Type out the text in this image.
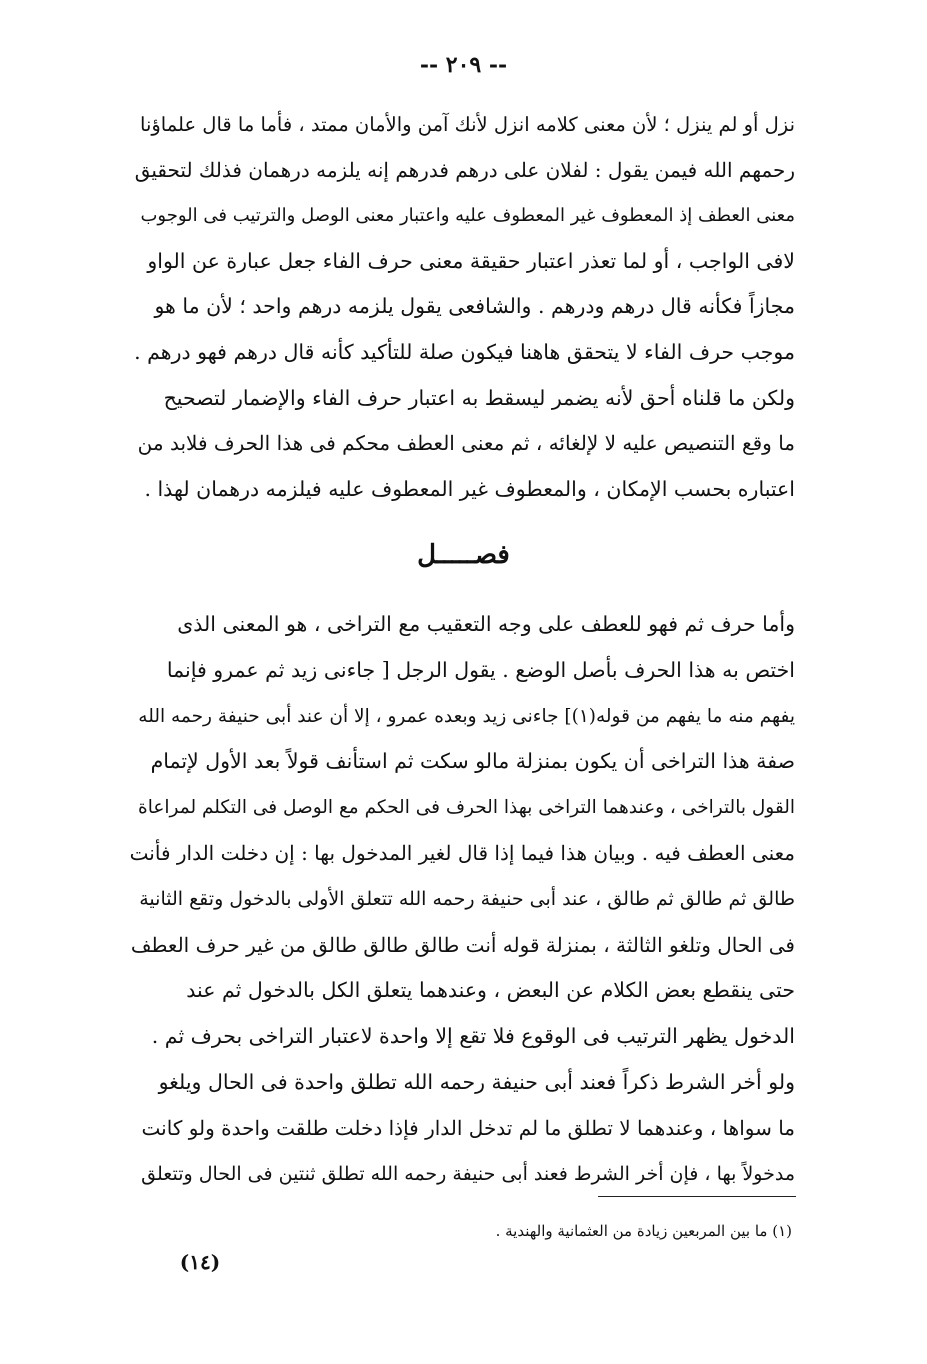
-- ٢٠٩ --
نزل أو لم ينزل ؛ لأن معنى كلامه انزل لأنك آمن والأمان ممتد ، فأما ما قال علماؤنا
رحمهم الله فيمن يقول : لفلان على درهم فدرهم إنه يلزمه درهمان فذلك لتحقيق
معنى العطف إذ المعطوف غير المعطوف عليه واعتبار معنى الوصل والترتيب فى الوجوب
لافى الواجب ، أو لما تعذر اعتبار حقيقة معنى حرف الفاء جعل عبارة عن الواو
مجازاً فكأنه قال درهم ودرهم . والشافعى يقول يلزمه درهم واحد ؛ لأن ما هو
موجب حرف الفاء لا يتحقق هاهنا فيكون صلة للتأكيد كأنه قال درهم فهو درهم .
ولكن ما قلناه أحق لأنه يضمر ليسقط به اعتبار حرف الفاء والإضمار لتصحيح
ما وقع التنصيص عليه لا لإلغائه ، ثم معنى العطف محكم فى هذا الحرف فلابد من
اعتباره بحسب الإمكان ، والمعطوف غير المعطوف عليه فيلزمه درهمان لهذا .
فصـــــل
وأما حرف ثم فهو للعطف على وجه التعقيب مع التراخى ، هو المعنى الذى
اختص به هذا الحرف بأصل الوضع . يقول الرجل [ جاءنى زيد ثم عمرو فإنما
يفهم منه ما يفهم من قوله(١)] جاءنى زيد وبعده عمرو ، إلا أن عند أبى حنيفة رحمه الله
صفة هذا التراخى أن يكون بمنزلة مالو سكت ثم استأنف قولاً بعد الأول لإتمام
القول بالتراخى ، وعندهما التراخى بهذا الحرف فى الحكم مع الوصل فى التكلم لمراعاة
معنى العطف فيه . وبيان هذا فيما إذا قال لغير المدخول بها : إن دخلت الدار فأنت
طالق ثم طالق ثم طالق ، عند أبى حنيفة رحمه الله تتعلق الأولى بالدخول وتقع الثانية
فى الحال وتلغو الثالثة ، بمنزلة قوله أنت طالق طالق طالق من غير حرف العطف
حتى ينقطع بعض الكلام عن البعض ، وعندهما يتعلق الكل بالدخول ثم عند
الدخول يظهر الترتيب فى الوقوع فلا تقع إلا واحدة لاعتبار التراخى بحرف ثم .
ولو أخر الشرط ذكراً فعند أبى حنيفة رحمه الله تطلق واحدة فى الحال ويلغو
ما سواها ، وعندهما لا تطلق ما لم تدخل الدار فإذا دخلت طلقت واحدة ولو كانت
مدخولاً بها ، فإن أخر الشرط فعند أبى حنيفة رحمه الله تطلق ثنتين فى الحال وتتعلق
(١) ما بين المربعين زيادة من العثمانية والهندية .
(١٤)
